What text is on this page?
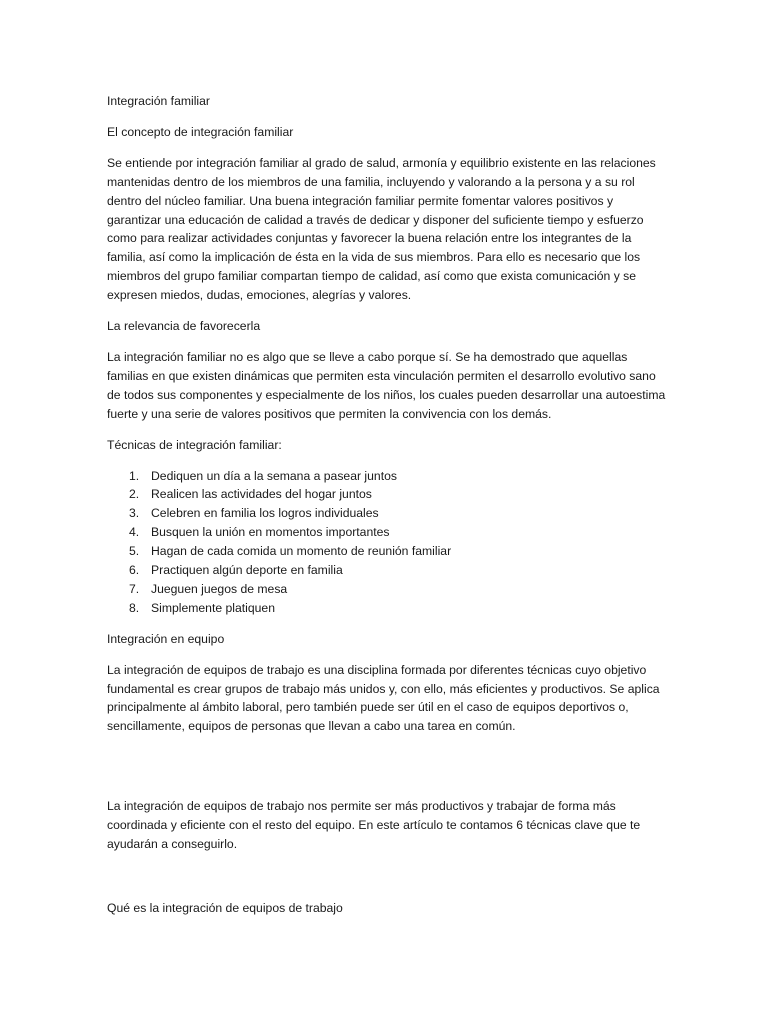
Integración familiar

El concepto de integración familiar

Se entiende por integración familiar al grado de salud, armonía y equilibrio existente en las relaciones mantenidas dentro de los miembros de una familia, incluyendo y valorando a la persona y a su rol dentro del núcleo familiar. Una buena integración familiar permite fomentar valores positivos y garantizar una educación de calidad a través de dedicar y disponer del suficiente tiempo y esfuerzo como para realizar actividades conjuntas y favorecer la buena relación entre los integrantes de la familia, así como la implicación de ésta en la vida de sus miembros. Para ello es necesario que los miembros del grupo familiar compartan tiempo de calidad, así como que exista comunicación y se expresen miedos, dudas, emociones, alegrías y valores.

La relevancia de favorecerla

La integración familiar no es algo que se lleve a cabo porque sí. Se ha demostrado que aquellas familias en que existen dinámicas que permiten esta vinculación permiten el desarrollo evolutivo sano de todos sus componentes y especialmente de los niños, los cuales pueden desarrollar una autoestima fuerte y una serie de valores positivos que permiten la convivencia con los demás.

Técnicas de integración familiar:

1. Dediquen un día a la semana a pasear juntos
2. Realicen las actividades del hogar juntos
3. Celebren en familia los logros individuales
4. Busquen la unión en momentos importantes
5. Hagan de cada comida un momento de reunión familiar
6. Practiquen algún deporte en familia
7. Jueguen juegos de mesa
8. Simplemente platiquen

Integración en equipo

La integración de equipos de trabajo es una disciplina formada por diferentes técnicas cuyo objetivo fundamental es crear grupos de trabajo más unidos y, con ello, más eficientes y productivos. Se aplica principalmente al ámbito laboral, pero también puede ser útil en el caso de equipos deportivos o, sencillamente, equipos de personas que llevan a cabo una tarea en común.

La integración de equipos de trabajo nos permite ser más productivos y trabajar de forma más coordinada y eficiente con el resto del equipo. En este artículo te contamos 6 técnicas clave que te ayudarán a conseguirlo.

Qué es la integración de equipos de trabajo
